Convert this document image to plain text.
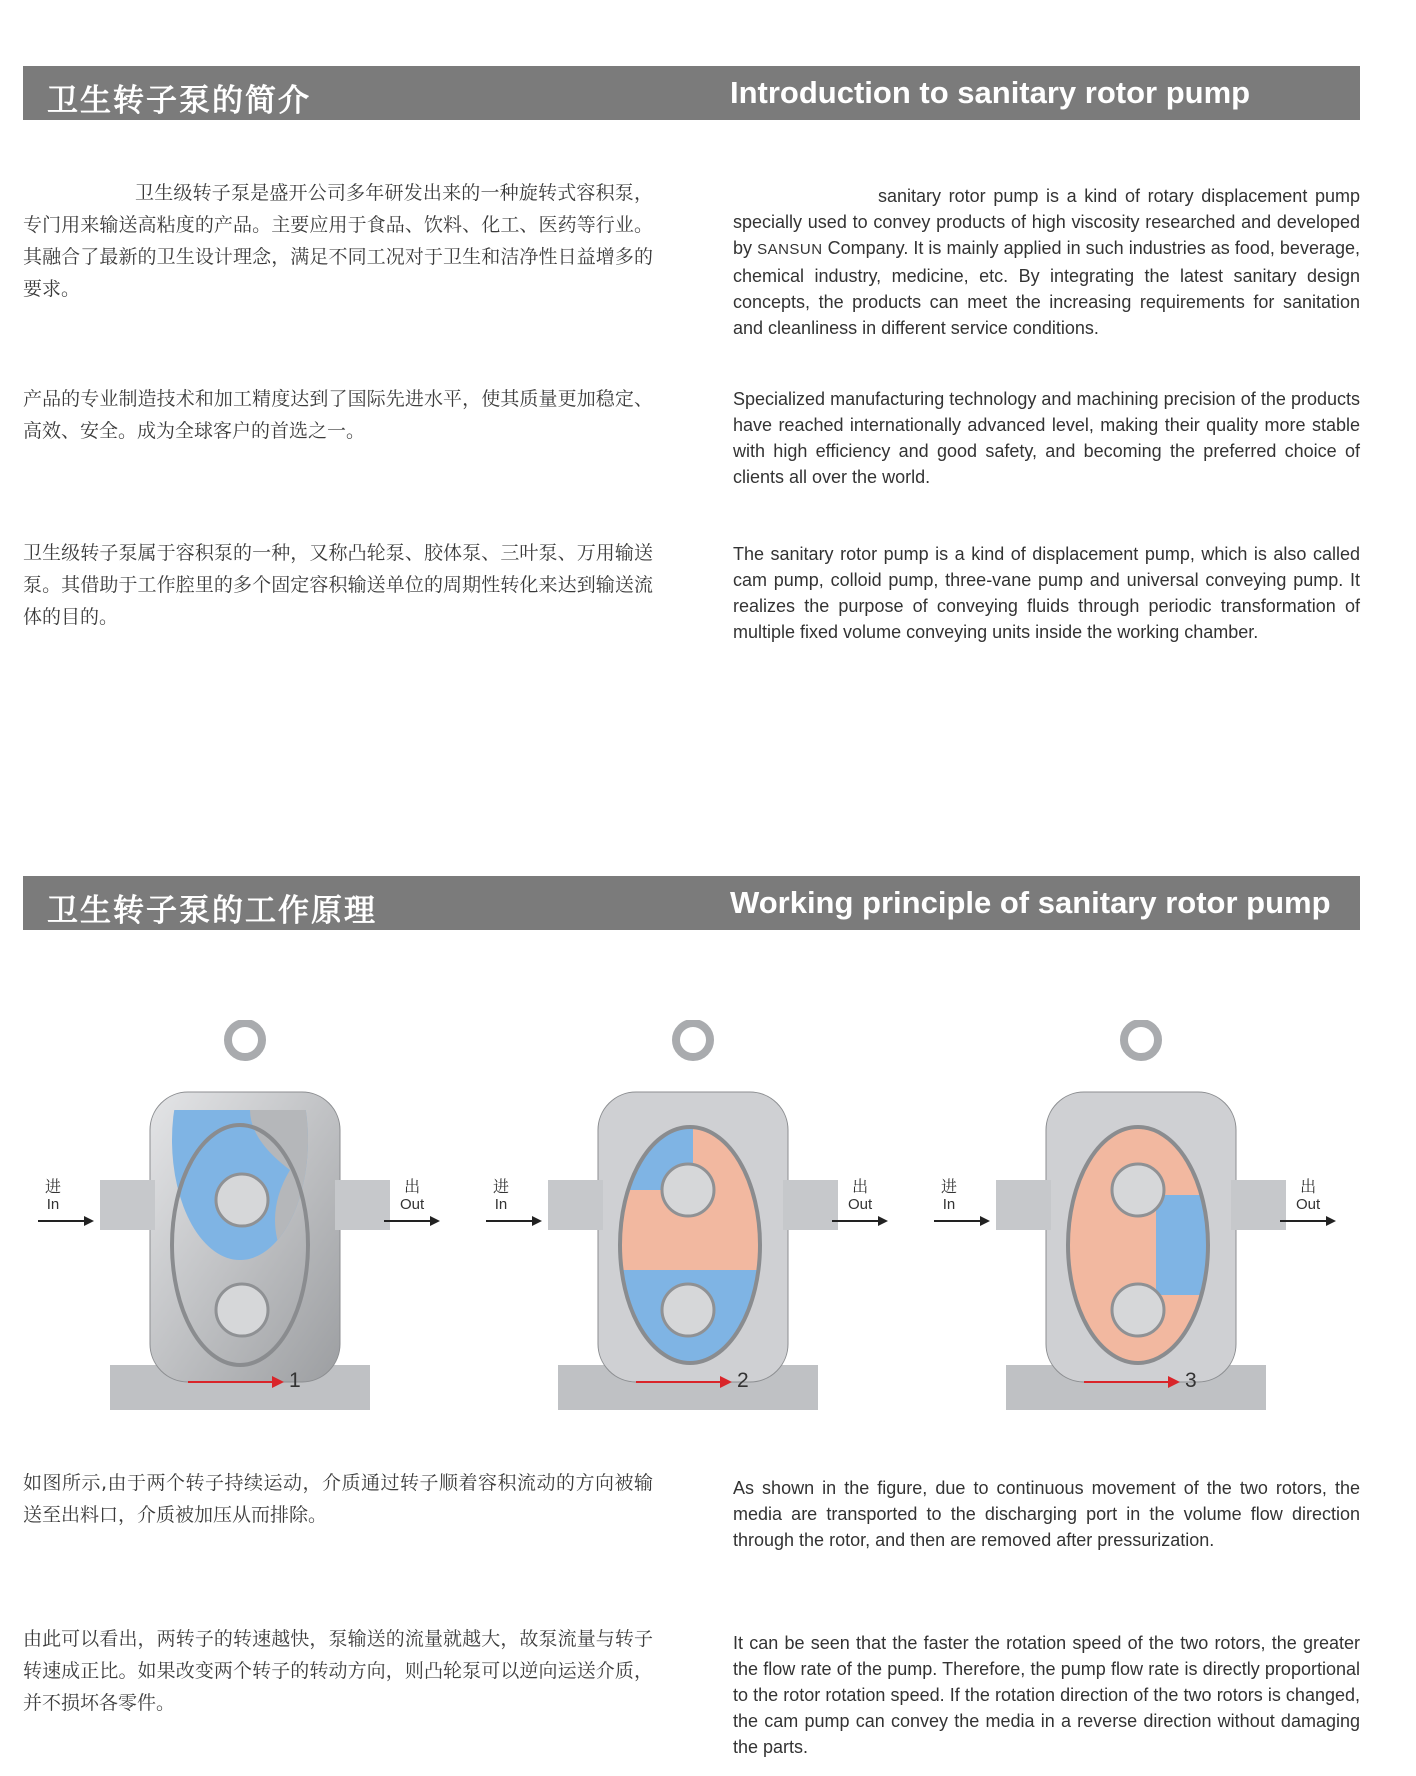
卫生转子泵的简介	Introduction to sanitary rotor pump

卫生级转子泵是盛开公司多年研发出来的一种旋转式容积泵，专门用来输送高粘度的产品。主要应用于食品、饮料、化工、医药等行业。其融合了最新的卫生设计理念，满足不同工况对于卫生和洁净性日益增多的要求。

产品的专业制造技术和加工精度达到了国际先进水平，使其质量更加稳定、高效、安全。成为全球客户的首选之一。

卫生级转子泵属于容积泵的一种，又称凸轮泵、胶体泵、三叶泵、万用输送泵。其借助于工作腔里的多个固定容积输送单位的周期性转化来达到输送流体的目的。

sanitary rotor pump is a kind of rotary displacement pump specially used to convey products of high viscosity researched and developed by SANSUN Company. It is mainly applied in such industries as food, beverage, chemical industry, medicine, etc. By integrating the latest sanitary design concepts, the products can meet the increasing requirements for sanitation and cleanliness in different service conditions.

Specialized manufacturing technology and machining precision of the products have reached internationally advanced level, making their quality more stable with high efficiency and good safety, and becoming the preferred choice of clients all over the world.

The sanitary rotor pump is a kind of displacement pump, which is also called cam pump, colloid pump, three-vane pump and universal conveying pump. It realizes the purpose of conveying fluids through periodic transformation of multiple fixed volume conveying units inside the working chamber.

卫生转子泵的工作原理	Working principle of sanitary rotor pump
进
In
出
Out
1
进
In
出
Out
2
进
In
出
Out
3

如图所示,由于两个转子持续运动，介质通过转子顺着容积流动的方向被输送至出料口，介质被加压从而排除。

由此可以看出，两转子的转速越快，泵输送的流量就越大，故泵流量与转子转速成正比。如果改变两个转子的转动方向，则凸轮泵可以逆向运送介质，并不损坏各零件。

As shown in the figure, due to continuous movement of the two rotors, the media are transported to the discharging port in the volume flow direction through the rotor, and then are removed after pressurization.

It can be seen that the faster the rotation speed of the two rotors, the greater the flow rate of the pump. Therefore, the pump flow rate is directly proportional to the rotor rotation speed. If the rotation direction of the two rotors is changed, the cam pump can convey the media in a reverse direction without damaging the parts.
